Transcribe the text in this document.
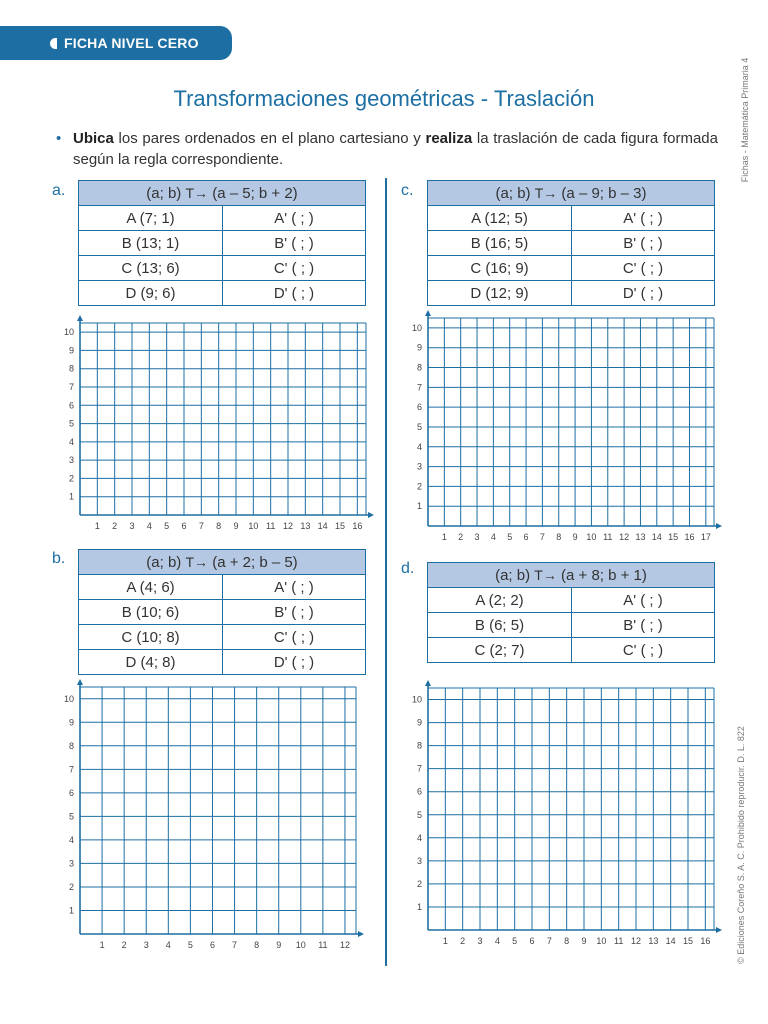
FICHA NIVEL CERO
Fichas - Matemática Primaria 4
© Ediciones Coreño S. A. C. Prohibido reproducir. D. L. 822
Transformaciones geométricas - Traslación
• Ubica los pares ordenados en el plano cartesiano y realiza la traslación de cada figura formada según la regla correspondiente.
a.	(a; b) T→ (a – 5; b + 2)	
A (7; 1)	A' ( ; )
B (13; 1)	B' ( ; )
C (13; 6)	C' ( ; )
D (9; 6)	D' ( ; )
c.	(a; b) T→ (a – 9; b – 3)	
A (12; 5)	A' ( ; )
B (16; 5)	B' ( ; )
C (16; 9)	C' ( ; )
D (12; 9)	D' ( ; )
b.	(a; b) T→ (a + 2; b – 5)	
A (4; 6)	A' ( ; )
B (10; 6)	B' ( ; )
C (10; 8)	C' ( ; )
D (4; 8)	D' ( ; )
d.	(a; b) T→ (a + 8; b + 1)	
A (2; 2)	A' ( ; )
B (6; 5)	B' ( ; )
C (2; 7)	C' ( ; )
1 2 3 4 5 6 7 8 9 10 11 12 13 14 15 16
1
2
3
4
5
6
7
8
9
10
1 2 3 4 5 6 7 8 9 10 11 12 13 14 15 16 17
1
2
3
4
5
6
7
8
9
10
1 2 3 4 5 6 7 8 9 10 11 12
1
2
3
4
5
6
7
8
9
10
1 2 3 4 5 6 7 8 9 10 11 12 13 14 15 16
1
2
3
4
5
6
7
8
9
10
